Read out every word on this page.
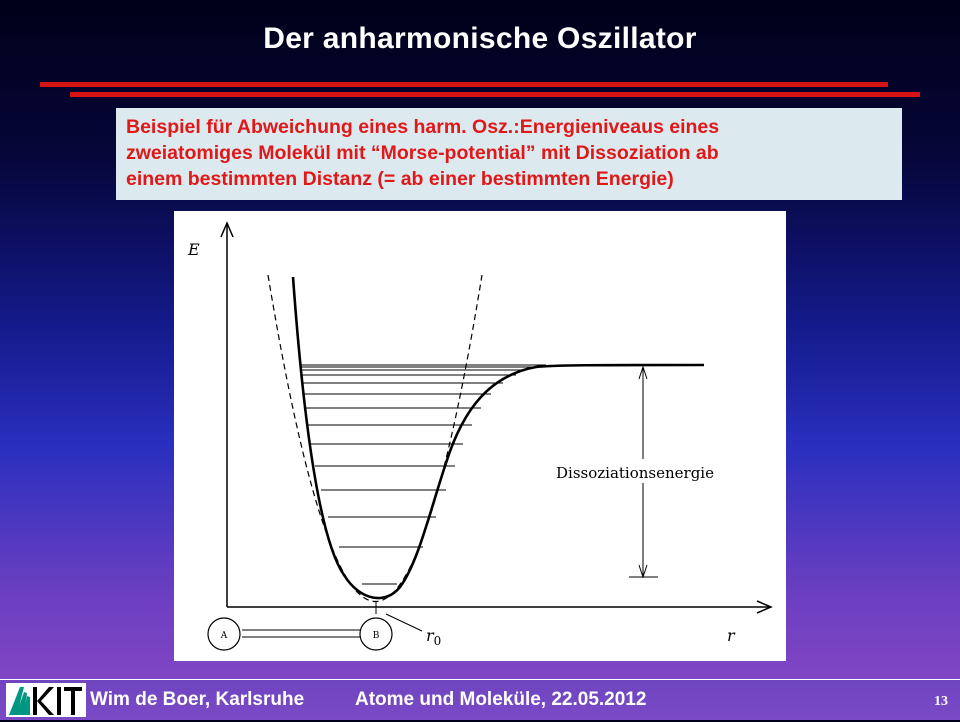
Der anharmonische Oszillator
Beispiel für Abweichung eines harm. Osz.:Energieniveaus eines
zweiatomiges Molekül mit “Morse-potential” mit Dissoziation ab
einem bestimmten Distanz (= ab einer bestimmten Energie)
E
r
Dissoziationsenergie
$r_0$
A	B
Wim de Boer, Karlsruhe	Atome und Moleküle, 22.05.2012	13
